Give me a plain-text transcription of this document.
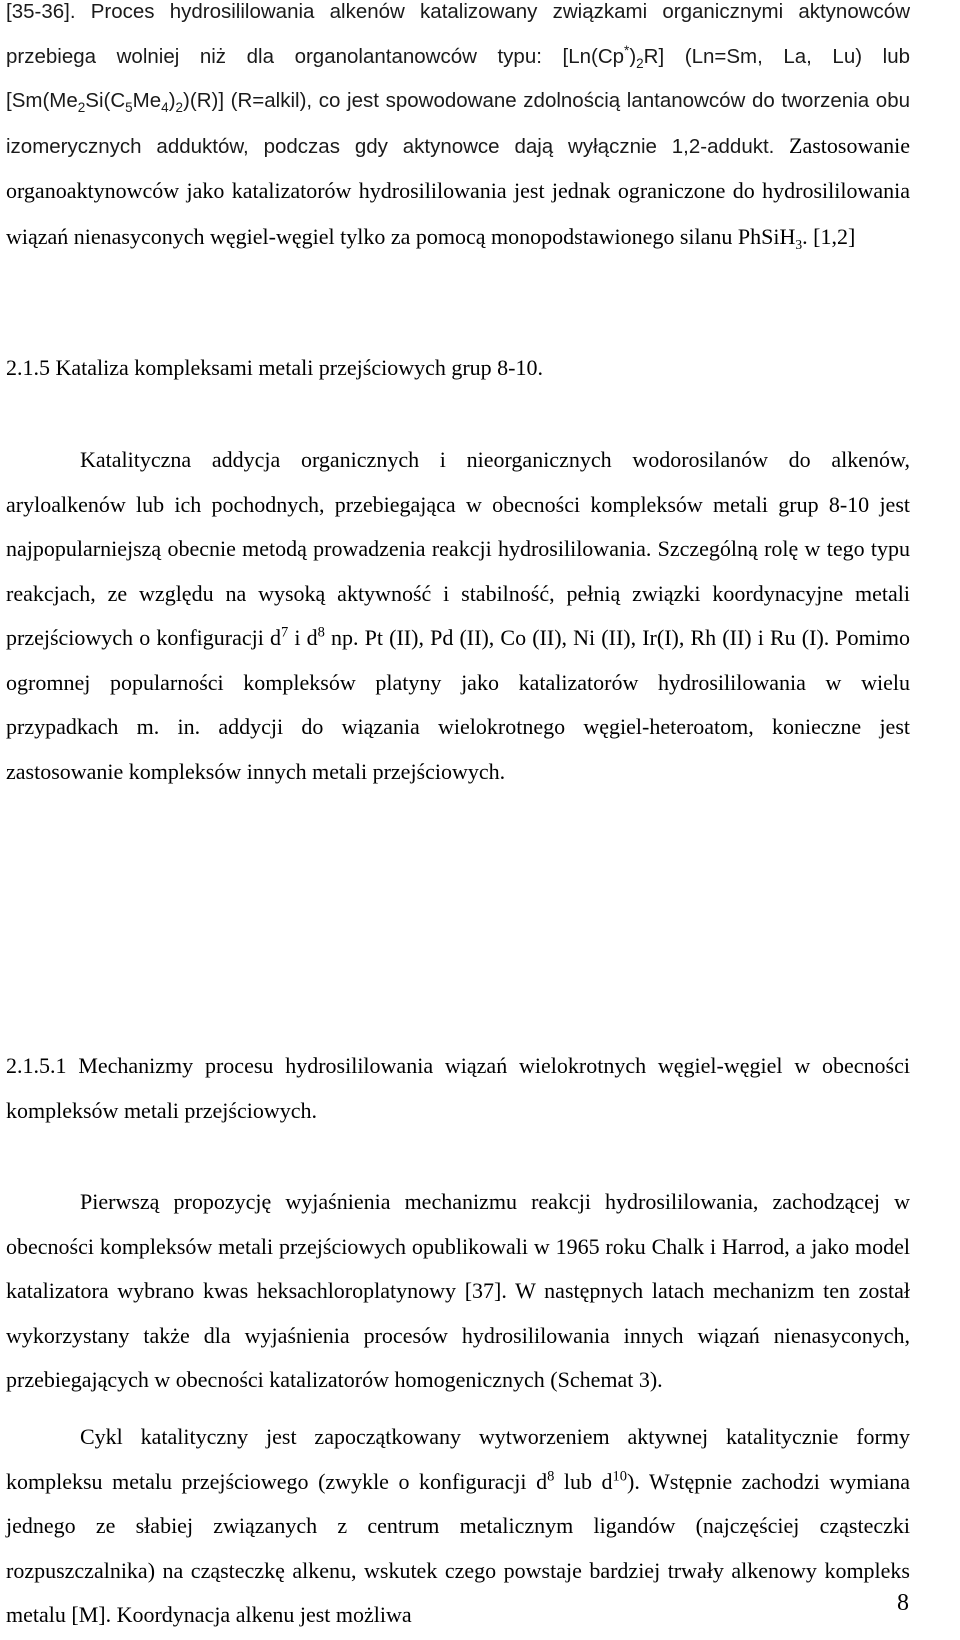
[35-36]. Proces hydrosililowania alkenów katalizowany związkami organicznymi aktynowców przebiega wolniej niż dla organolantanowców typu: $[Ln(Cp^*)_2R]$ (Ln=Sm, La, Lu) lub $[Sm(Me_2Si(C_5Me_4)_2)(R)]$ (R=alkil), co jest spowodowane zdolnością lantanowców do tworzenia obu izomerycznych adduktów, podczas gdy aktynowce dają wyłącznie 1,2-addukt. Zastosowanie organoaktynowców jako katalizatorów hydrosililowania jest jednak ograniczone do hydrosililowania wiązań nienasyconych węgiel-węgiel tylko za pomocą monopodstawionego silanu PhSiH$_3$. [1,2]

2.1.5 Kataliza kompleksami metali przejściowych grup 8-10.

Katalityczna addycja organicznych i nieorganicznych wodorosilanów do alkenów, aryloalkenów lub ich pochodnych, przebiegająca w obecności kompleksów metali grup 8-10 jest najpopularniejszą obecnie metodą prowadzenia reakcji hydrosililowania. Szczególną rolę w tego typu reakcjach, ze względu na wysoką aktywność i stabilność, pełnią związki koordynacyjne metali przejściowych o konfiguracji $d^7$ i $d^8$ np. Pt (II), Pd (II), Co (II), Ni (II), Ir(I), Rh (II) i Ru (I). Pomimo ogromnej popularności kompleksów platyny jako katalizatorów hydrosililowania w wielu przypadkach m. in. addycji do wiązania wielokrotnego węgiel-heteroatom, konieczne jest zastosowanie kompleksów innych metali przejściowych.

2.1.5.1 Mechanizmy procesu hydrosililowania wiązań wielokrotnych węgiel-węgiel w obecności kompleksów metali przejściowych.

Pierwszą propozycję wyjaśnienia mechanizmu reakcji hydrosililowania, zachodzącej w obecności kompleksów metali przejściowych opublikowali w 1965 roku Chalk i Harrod, a jako model katalizatora wybrano kwas heksachloroplatynowy [37]. W następnych latach mechanizm ten został wykorzystany także dla wyjaśnienia procesów hydrosililowania innych wiązań nienasyconych, przebiegających w obecności katalizatorów homogenicznych (Schemat 3).

Cykl katalityczny jest zapoczątkowany wytworzeniem aktywnej katalitycznie formy kompleksu metalu przejściowego (zwykle o konfiguracji $d^8$ lub $d^{10}$). Wstępnie zachodzi wymiana jednego ze słabiej związanych z centrum metalicznym ligandów (najczęściej cząsteczki rozpuszczalnika) na cząsteczkę alkenu, wskutek czego powstaje bardziej trwały alkenowy kompleks metalu [M]. Koordynacja alkenu jest możliwa	8
